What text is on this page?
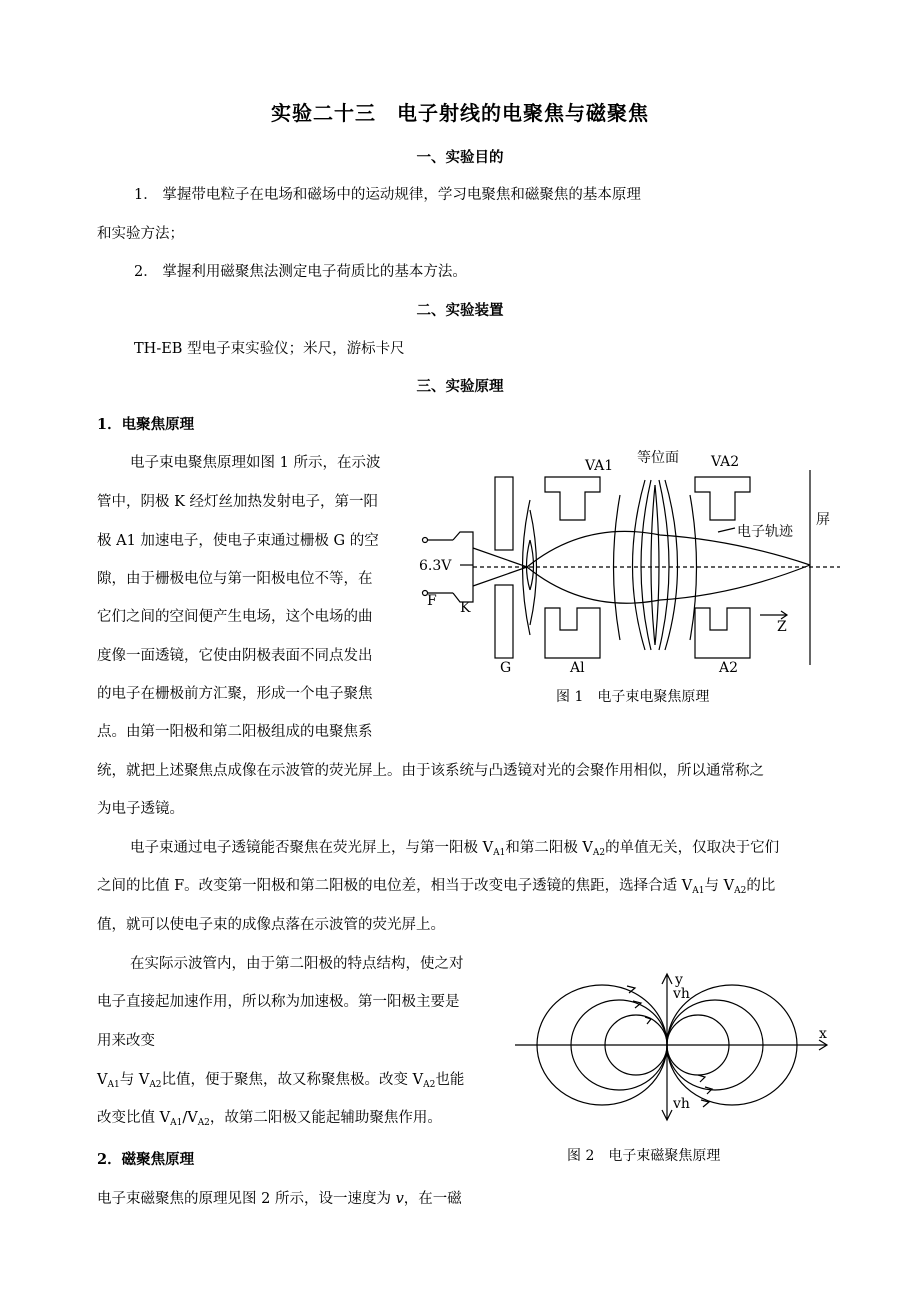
实验二十三　电子射线的电聚焦与磁聚焦
一、实验目的
1． 掌握带电粒子在电场和磁场中的运动规律，学习电聚焦和磁聚焦的基本原理
和实验方法；
2． 掌握利用磁聚焦法测定电子荷质比的基本方法。
二、实验装置
TH-EB 型电子束实验仪；米尺，游标卡尺
三、实验原理
1．电聚焦原理
电子束电聚焦原理如图 1 所示，在示波
管中，阴极 K 经灯丝加热发射电子，第一阳
极 A1 加速电子，使电子束通过栅极 G 的空
隙，由于栅极电位与第一阳极电位不等，在
它们之间的空间便产生电场，这个电场的曲
度像一面透镜，它使由阴极表面不同点发出
的电子在栅极前方汇聚，形成一个电子聚焦
点。由第一阳极和第二阳极组成的电聚焦系
统，就把上述聚焦点成像在示波管的荧光屏上。由于该系统与凸透镜对光的会聚作用相似，所以通常称之
为电子透镜。
电子束通过电子透镜能否聚焦在荧光屏上，与第一阳极 $V_{A1}$和第二阳极 $V_{A2}$的单值无关，仅取决于它们
之间的比值 F。改变第一阳极和第二阳极的电位差，相当于改变电子透镜的焦距，选择合适 $V_{A1}$与 $V_{A2}$的比
值，就可以使电子束的成像点落在示波管的荧光屏上。
在实际示波管内，由于第二阳极的特点结构，使之对
电子直接起加速作用，所以称为加速极。第一阳极主要是
用来改变
$V_{A1}$与 $V_{A2}$比值，便于聚焦，故又称聚焦极。改变 $V_{A2}$也能
改变比值 $V_{A1}/V_{A2}$，故第二阳极又能起辅助聚焦作用。
2．磁聚焦原理
电子束磁聚焦的原理见图 2 所示，设一速度为 v，在一磁
VA1 等位面 VA2
屏
电子轨迹
6.3V
F K
Z
G	Al	A2
图 1　电子束电聚焦原理
y
vh
x
vh
图 2　电子束磁聚焦原理
